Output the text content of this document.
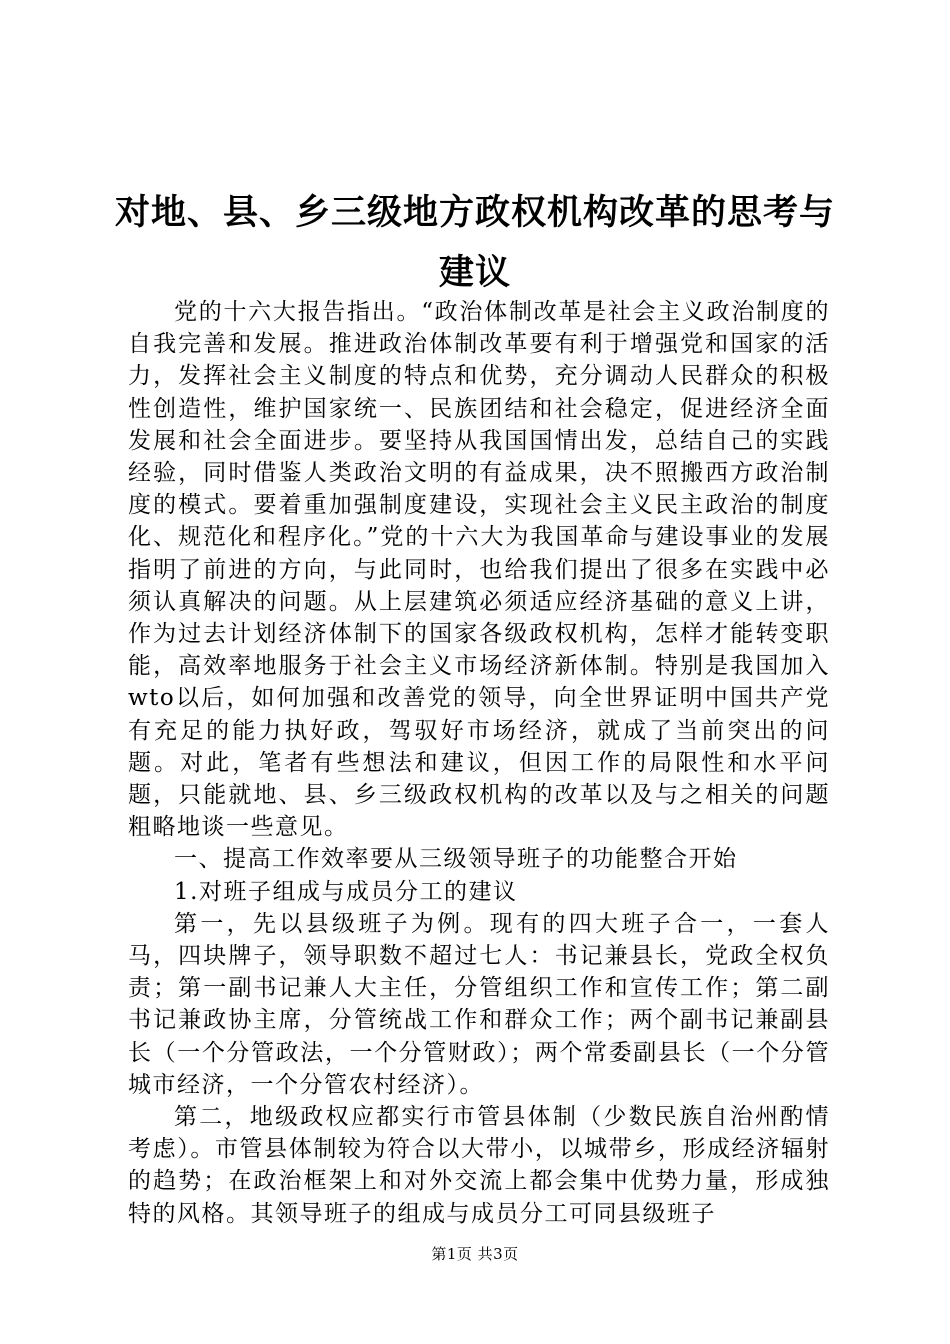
对地、县、乡三级地方政权机构改革的思考与建议

党的十六大报告指出。“政治体制改革是社会主义政治制度的自我完善和发展。推进政治体制改革要有利于增强党和国家的活力，发挥社会主义制度的特点和优势，充分调动人民群众的积极性创造性，维护国家统一、民族团结和社会稳定，促进经济全面发展和社会全面进步。要坚持从我国国情出发，总结自己的实践经验，同时借鉴人类政治文明的有益成果，决不照搬西方政治制度的模式。要着重加强制度建设，实现社会主义民主政治的制度化、规范化和程序化。”党的十六大为我国革命与建设事业的发展指明了前进的方向，与此同时，也给我们提出了很多在实践中必须认真解决的问题。从上层建筑必须适应经济基础的意义上讲，作为过去计划经济体制下的国家各级政权机构，怎样才能转变职能，高效率地服务于社会主义市场经济新体制。特别是我国加入wto以后，如何加强和改善党的领导，向全世界证明中国共产党有充足的能力执好政，驾驭好市场经济，就成了当前突出的问题。对此，笔者有些想法和建议，但因工作的局限性和水平问题，只能就地、县、乡三级政权机构的改革以及与之相关的问题粗略地谈一些意见。

一、提高工作效率要从三级领导班子的功能整合开始

1.对班子组成与成员分工的建议

第一，先以县级班子为例。现有的四大班子合一，一套人马，四块牌子，领导职数不超过七人：书记兼县长，党政全权负责；第一副书记兼人大主任，分管组织工作和宣传工作；第二副书记兼政协主席，分管统战工作和群众工作；两个副书记兼副县长（一个分管政法，一个分管财政）；两个常委副县长（一个分管城市经济，一个分管农村经济）。

第二，地级政权应都实行市管县体制（少数民族自治州酌情考虑）。市管县体制较为符合以大带小，以城带乡，形成经济辐射的趋势；在政治框架上和对外交流上都会集中优势力量，形成独特的风格。其领导班子的组成与成员分工可同县级班子

第1页 共3页
